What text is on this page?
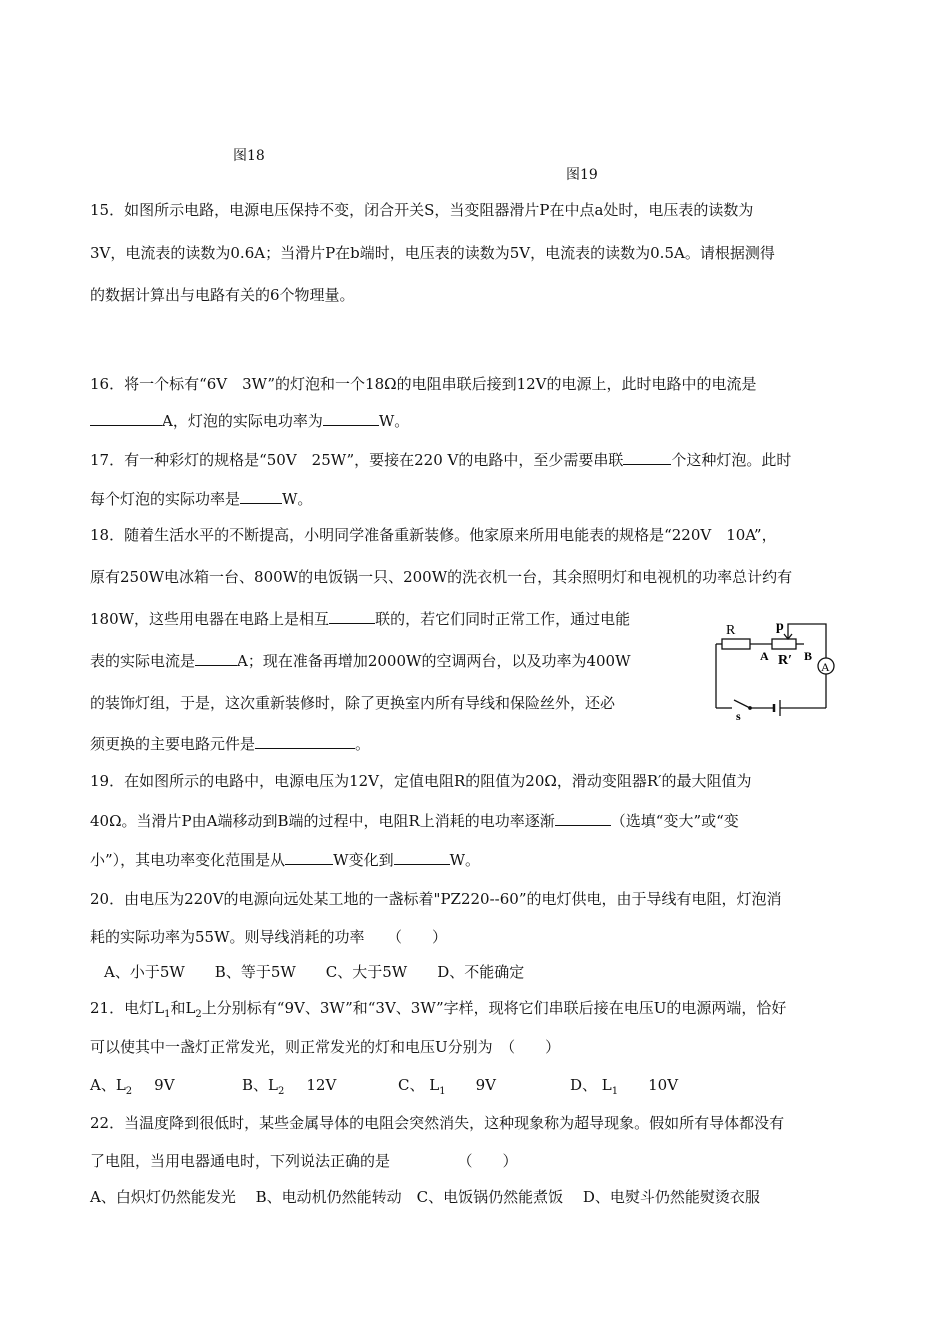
图18
图19
15．如图所示电路，电源电压保持不变，闭合开关S，当变阻器滑片P在中点a处时，电压表的读数为
3V，电流表的读数为0.6A；当滑片P在b端时，电压表的读数为5V，电流表的读数为0.5A。请根据测得
的数据计算出与电路有关的6个物理量。
16．将一个标有“6V　3W”的灯泡和一个18Ω的电阻串联后接到12V的电源上，此时电路中的电流是
A，灯泡的实际电功率为	W。
17．有一种彩灯的规格是“50V　25W”，要接在220 V的电路中，至少需要串联	个这种灯泡。此时
每个灯泡的实际功率是	W。
18．随着生活水平的不断提高，小明同学准备重新装修。他家原来所用电能表的规格是“220V　10A”，
原有250W电冰箱一台、800W的电饭锅一只、200W的洗衣机一台，其余照明灯和电视机的功率总计约有
180W，这些用电器在电路上是相互	联的，若它们同时正常工作，通过电能
表的实际电流是	A；现在准备再增加2000W的空调两台，以及功率为400W
的装饰灯组，于是，这次重新装修时，除了更换室内所有导线和保险丝外，还必
须更换的主要电路元件是	。
R	p
A R′ B
A
s
19．在如图所示的电路中，电源电压为12V，定值电阻R的阻值为20Ω，滑动变阻器R′的最大阻值为
40Ω。当滑片P由A端移动到B端的过程中，电阻R上消耗的电功率逐渐	（选填“变大”或“变
小”），其电功率变化范围是从	W变化到	W。
20．由电压为220V的电源向远处某工地的一盏标着"PZ220--60”的电灯供电，由于导线有电阻，灯泡消
耗的实际功率为55W。则导线消耗的功率　　（　　）
A、小于5W　　B、等于5W　　C、大于5W　　D、不能确定
21．电灯$L_1$和$L_2$上分别标有“9V、3W”和“3V、3W”字样，现将它们串联后接在电压U的电源两端，恰好
可以使其中一盏灯正常发光，则正常发光的灯和电压U分别为　（　　）
A、$L_2$ 9V	B、$L_2$ 12V	C、 $L_1$ 9V	D、 $L_1$ 10V
22．当温度降到很低时，某些金属导体的电阻会突然消失，这种现象称为超导现象。假如所有导体都没有
了电阻，当用电器通电时，下列说法正确的是　　　　　（　　）
A、白炽灯仍然能发光　 B、电动机仍然能转动　C、电饭锅仍然能煮饭　 D、电熨斗仍然能熨烫衣服
